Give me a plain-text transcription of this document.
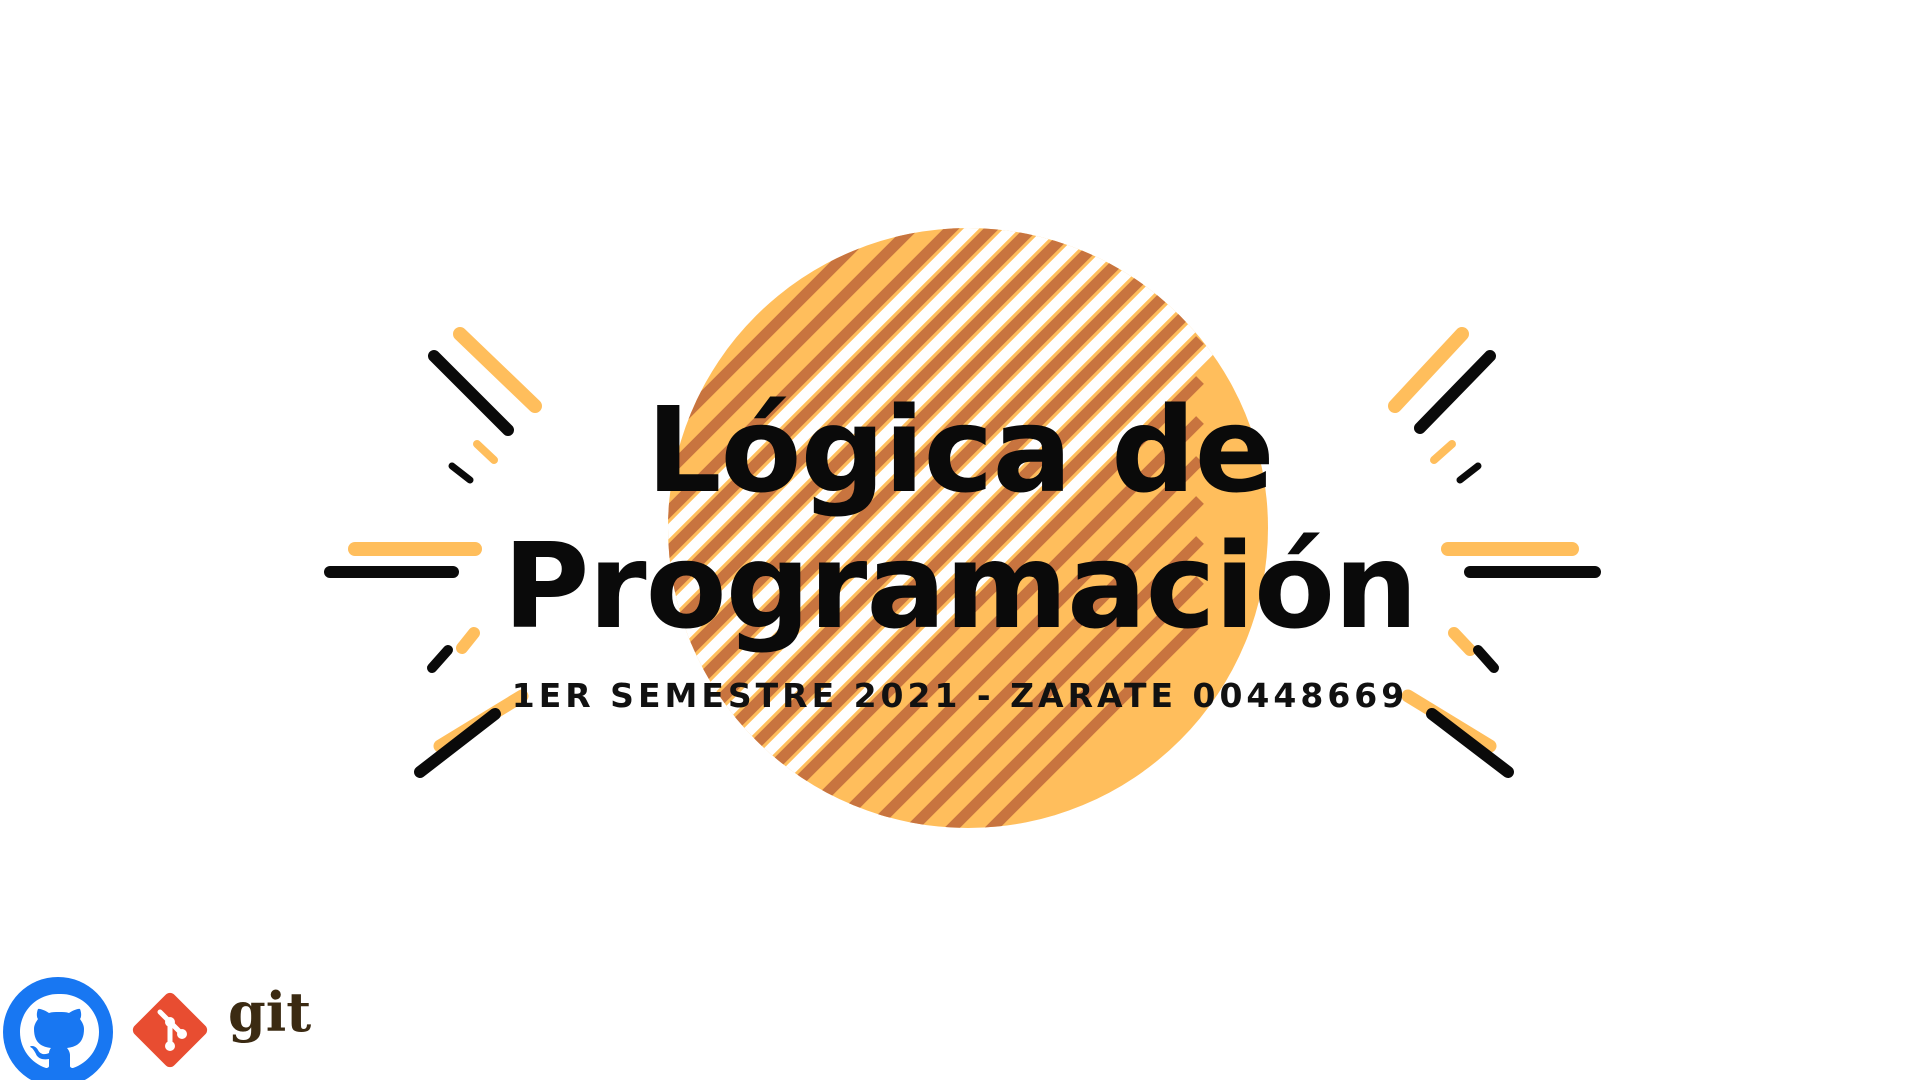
Lógica de
Programación
1ER SEMESTRE 2021 - ZARATE 00448669
git
